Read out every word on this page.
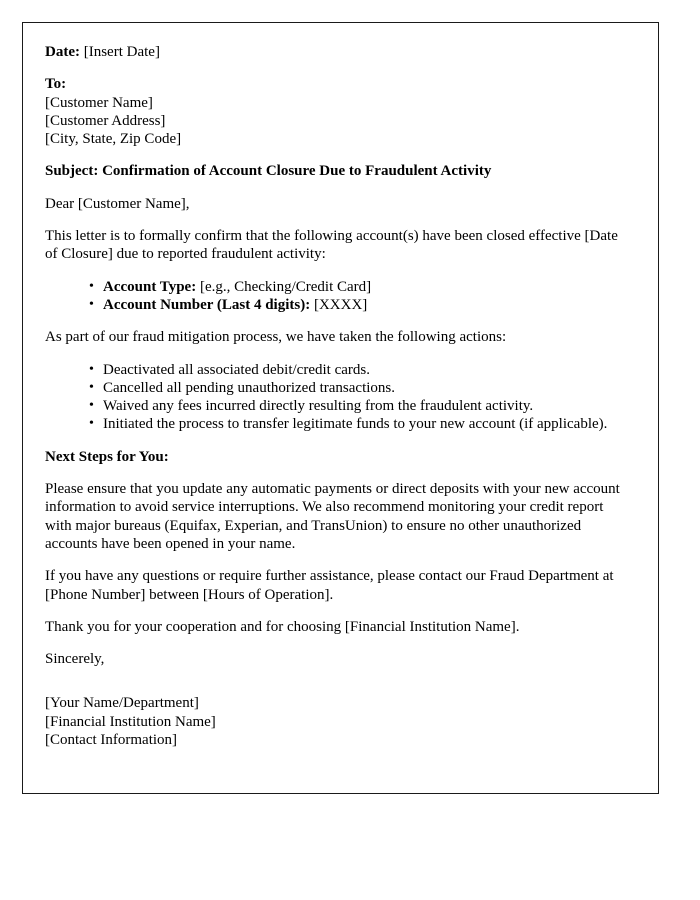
Date: [Insert Date]
To:
[Customer Name]
[Customer Address]
[City, State, Zip Code]
Subject: Confirmation of Account Closure Due to Fraudulent Activity
Dear [Customer Name],
This letter is to formally confirm that the following account(s) have been closed effective [Date of Closure] due to reported fraudulent activity:
• Account Type: [e.g., Checking/Credit Card]
• Account Number (Last 4 digits): [XXXX]
As part of our fraud mitigation process, we have taken the following actions:
• Deactivated all associated debit/credit cards.
• Cancelled all pending unauthorized transactions.
• Waived any fees incurred directly resulting from the fraudulent activity.
• Initiated the process to transfer legitimate funds to your new account (if applicable).
Next Steps for You:
Please ensure that you update any automatic payments or direct deposits with your new account information to avoid service interruptions. We also recommend monitoring your credit report with major bureaus (Equifax, Experian, and TransUnion) to ensure no other unauthorized accounts have been opened in your name.
If you have any questions or require further assistance, please contact our Fraud Department at [Phone Number] between [Hours of Operation].
Thank you for your cooperation and for choosing [Financial Institution Name].
Sincerely,
[Your Name/Department]
[Financial Institution Name]
[Contact Information]
